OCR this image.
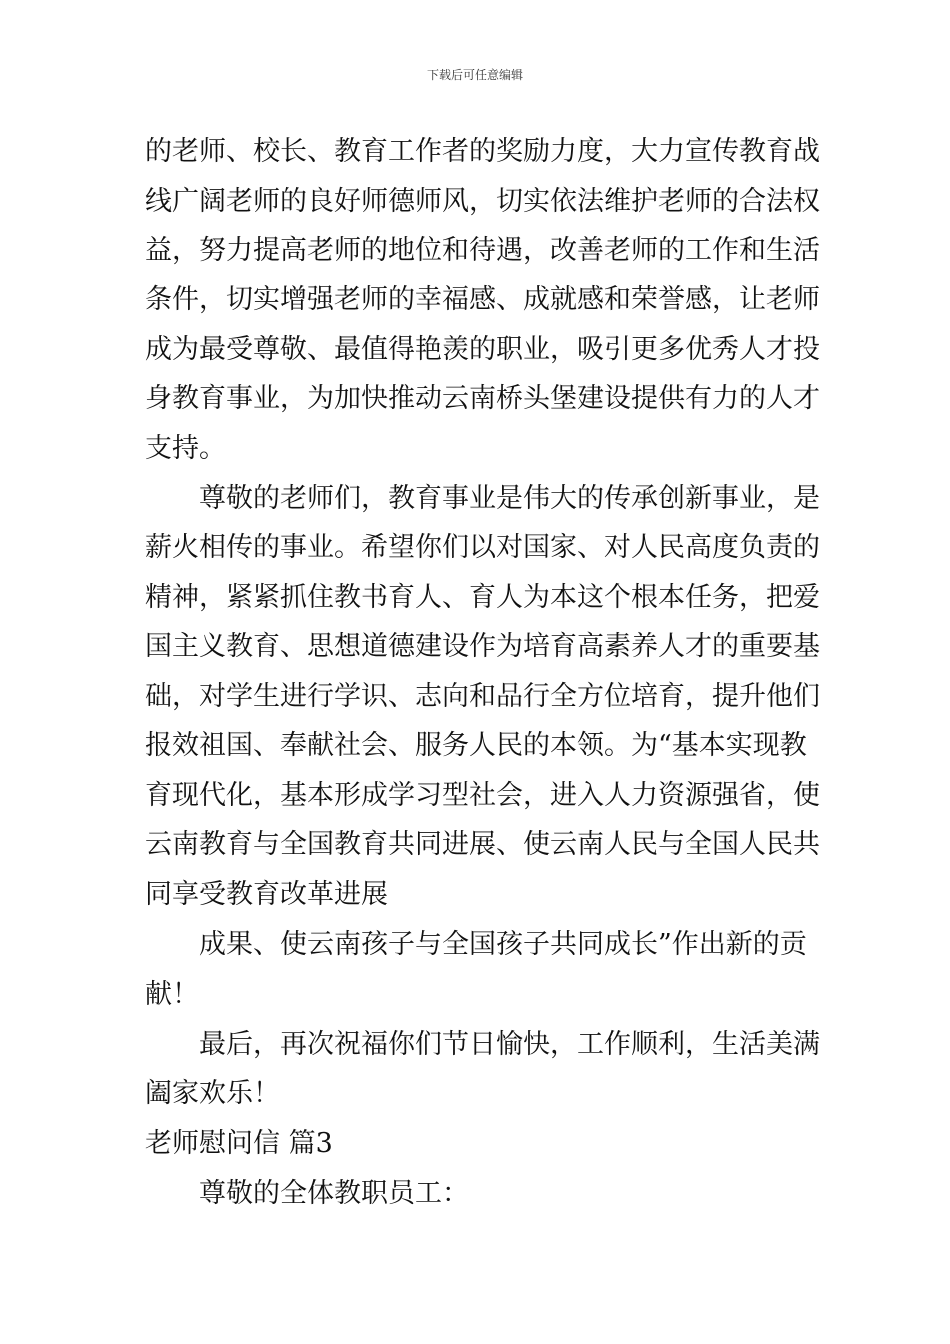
下载后可任意编辑
的老师、校长、教育工作者的奖励力度，大力宣传教育战
线广阔老师的良好师德师风，切实依法维护老师的合法权
益，努力提高老师的地位和待遇，改善老师的工作和生活
条件，切实增强老师的幸福感、成就感和荣誉感，让老师
成为最受尊敬、最值得艳羡的职业，吸引更多优秀人才投
身教育事业，为加快推动云南桥头堡建设提供有力的人才
支持。
尊敬的老师们，教育事业是伟大的传承创新事业，是
薪火相传的事业。希望你们以对国家、对人民高度负责的
精神，紧紧抓住教书育人、育人为本这个根本任务，把爱
国主义教育、思想道德建设作为培育高素养人才的重要基
础，对学生进行学识、志向和品行全方位培育，提升他们
报效祖国、奉献社会、服务人民的本领。为“基本实现教
育现代化，基本形成学习型社会，进入人力资源强省，使
云南教育与全国教育共同进展、使云南人民与全国人民共
同享受教育改革进展
成果、使云南孩子与全国孩子共同成长”作出新的贡
献！
最后，再次祝福你们节日愉快，工作顺利，生活美满
阖家欢乐！
老师慰问信 篇3
尊敬的全体教职员工：
